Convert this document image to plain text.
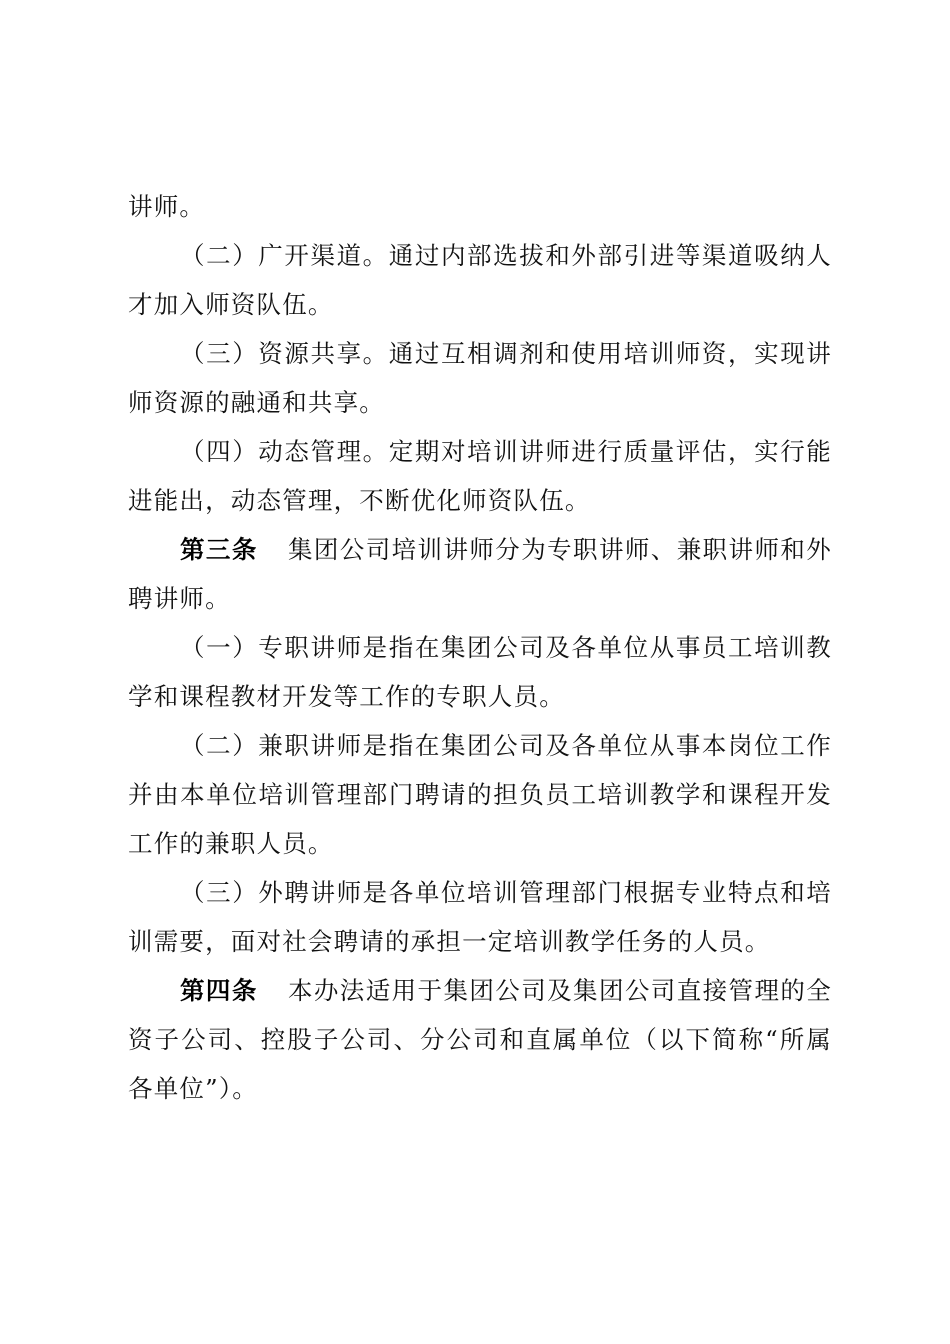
讲师。

（二）广开渠道。通过内部选拔和外部引进等渠道吸纳人才加入师资队伍。

（三）资源共享。通过互相调剂和使用培训师资，实现讲师资源的融通和共享。

（四）动态管理。定期对培训讲师进行质量评估，实行能进能出，动态管理，不断优化师资队伍。

第三条 集团公司培训讲师分为专职讲师、兼职讲师和外聘讲师。

（一）专职讲师是指在集团公司及各单位从事员工培训教学和课程教材开发等工作的专职人员。

（二）兼职讲师是指在集团公司及各单位从事本岗位工作并由本单位培训管理部门聘请的担负员工培训教学和课程开发工作的兼职人员。

（三）外聘讲师是各单位培训管理部门根据专业特点和培训需要，面对社会聘请的承担一定培训教学任务的人员。

第四条 本办法适用于集团公司及集团公司直接管理的全资子公司、控股子公司、分公司和直属单位（以下简称“所属各单位”）。
